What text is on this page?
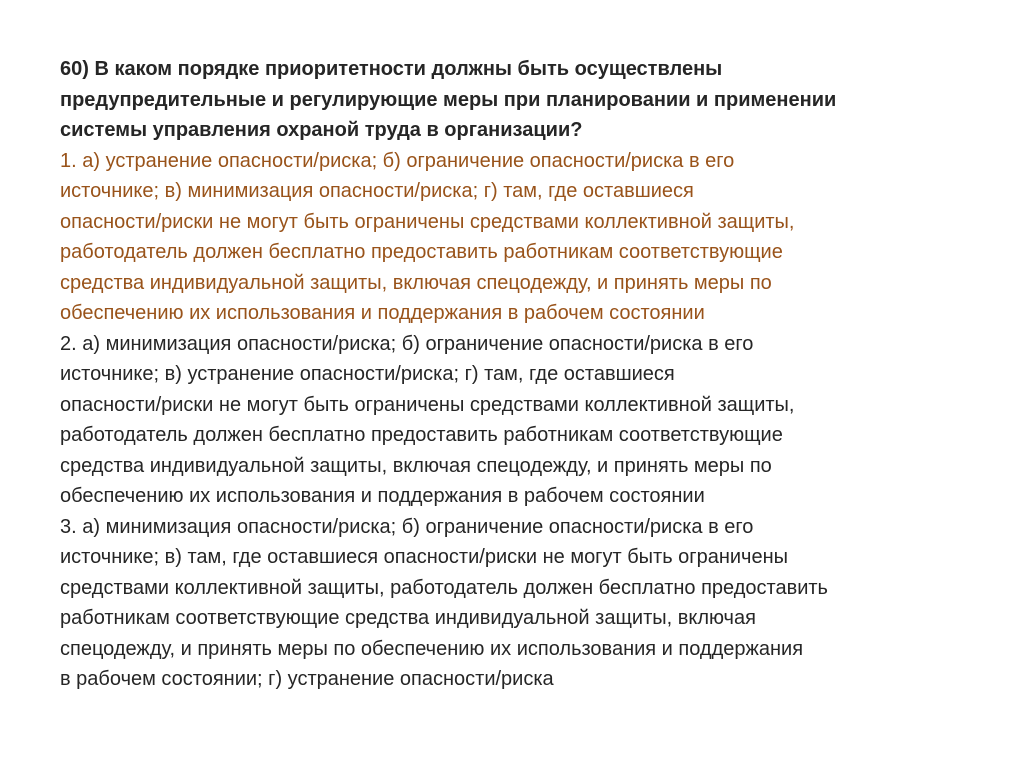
60) В каком порядке приоритетности должны быть осуществлены
предупредительные и регулирующие меры при планировании и применении
системы управления охраной труда в организации?
1. а) устранение опасности/риска; б) ограничение опасности/риска в его
источнике; в) минимизация опасности/риска; г) там, где оставшиеся
опасности/риски не могут быть ограничены средствами коллективной защиты,
работодатель должен бесплатно предоставить работникам соответствующие
средства индивидуальной защиты, включая спецодежду, и принять меры по
обеспечению их использования и поддержания в рабочем состоянии
2. а) минимизация опасности/риска; б) ограничение опасности/риска в его
источнике; в) устранение опасности/риска; г) там, где оставшиеся
опасности/риски не могут быть ограничены средствами коллективной защиты,
работодатель должен бесплатно предоставить работникам соответствующие
средства индивидуальной защиты, включая спецодежду, и принять меры по
обеспечению их использования и поддержания в рабочем состоянии
3. а) минимизация опасности/риска; б) ограничение опасности/риска в его
источнике; в) там, где оставшиеся опасности/риски не могут быть ограничены
средствами коллективной защиты, работодатель должен бесплатно предоставить
работникам соответствующие средства индивидуальной защиты, включая
спецодежду, и принять меры по обеспечению их использования и поддержания
в рабочем состоянии; г) устранение опасности/риска
